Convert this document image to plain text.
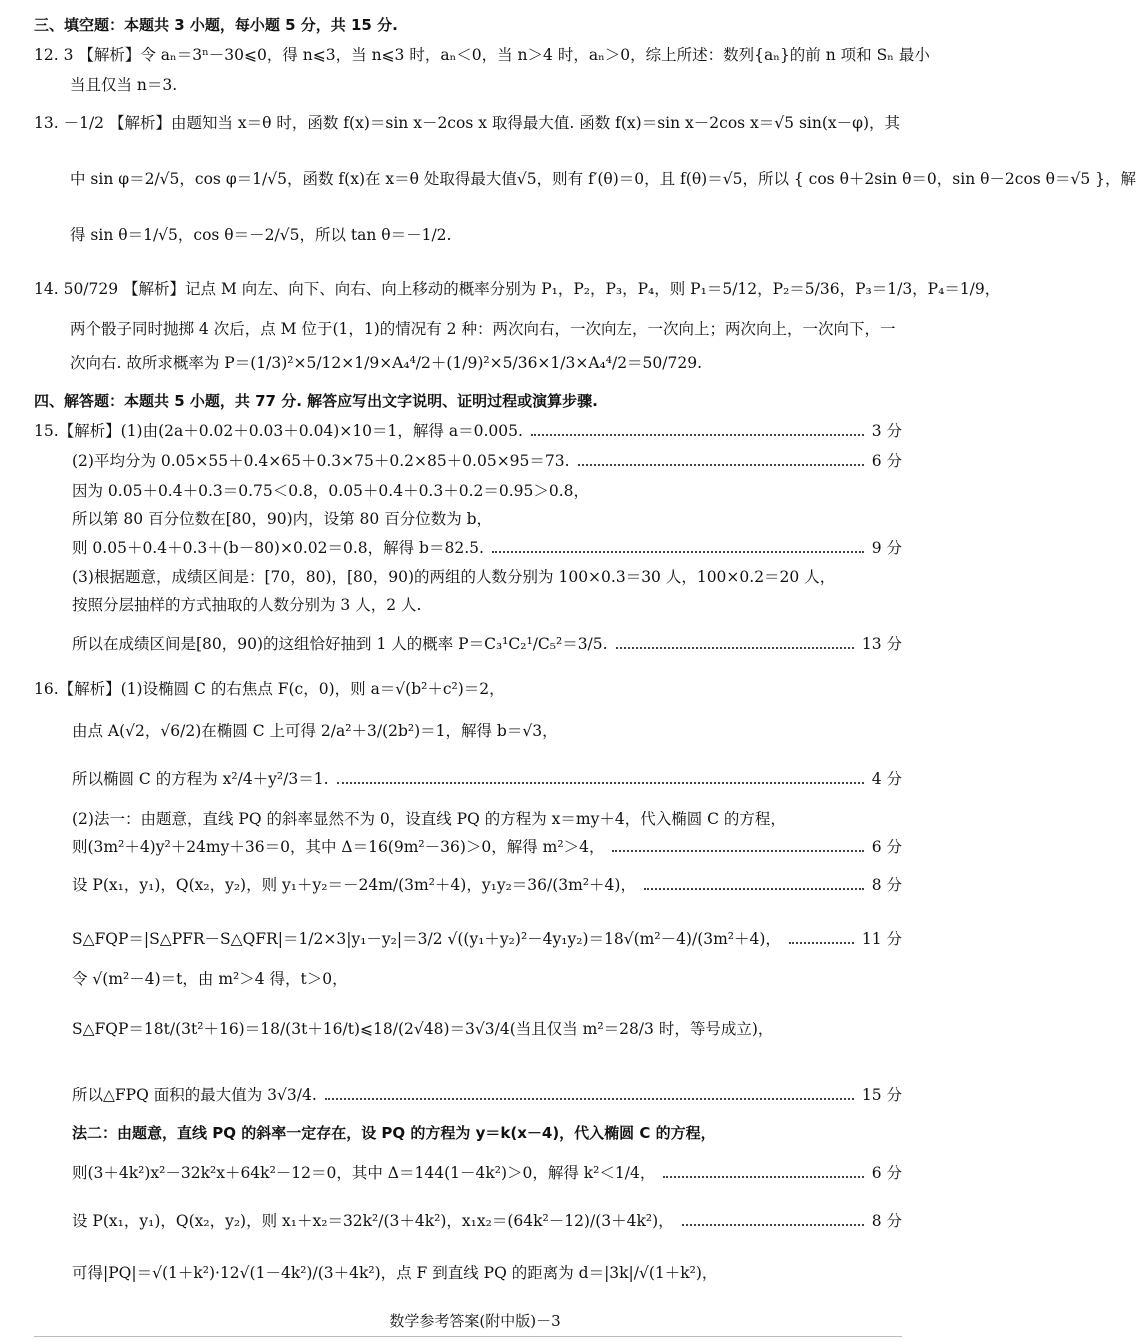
三、填空题：本题共 3 小题，每小题 5 分，共 15 分.
12. 3 【解析】令 aₙ＝3ⁿ－30⩽0，得 n⩽3，当 n⩽3 时，aₙ＜0，当 n＞4 时，aₙ＞0，综上所述：数列{aₙ}的前 n 项和 Sₙ 最小
当且仅当 n＝3.
13. －1/2 【解析】由题知当 x＝θ 时，函数 f(x)＝sin x－2cos x 取得最大值. 函数 f(x)＝sin x－2cos x＝√5 sin(x－φ)，其
中 sin φ＝2/√5，cos φ＝1/√5，函数 f(x)在 x＝θ 处取得最大值√5，则有 f′(θ)＝0，且 f(θ)＝√5，所以 { cos θ＋2sin θ＝0，sin θ－2cos θ＝√5 }，解
得 sin θ＝1/√5，cos θ＝－2/√5，所以 tan θ＝－1/2.
14. 50/729 【解析】记点 M 向左、向下、向右、向上移动的概率分别为 P₁，P₂，P₃，P₄，则 P₁＝5/12，P₂＝5/36，P₃＝1/3，P₄＝1/9，
两个骰子同时抛掷 4 次后，点 M 位于(1，1)的情况有 2 种：两次向右，一次向左，一次向上；两次向上，一次向下，一
次向右. 故所求概率为 P＝(1/3)²×5/12×1/9×A₄⁴/2＋(1/9)²×5/36×1/3×A₄⁴/2＝50/729.
四、解答题：本题共 5 小题，共 77 分. 解答应写出文字说明、证明过程或演算步骤.
15.【解析】(1)由(2a＋0.02＋0.03＋0.04)×10＝1，解得 a＝0.005.	3 分
(2)平均分为 0.05×55＋0.4×65＋0.3×75＋0.2×85＋0.05×95＝73.	6 分
因为 0.05＋0.4＋0.3＝0.75＜0.8，0.05＋0.4＋0.3＋0.2＝0.95＞0.8，
所以第 80 百分位数在[80，90)内，设第 80 百分位数为 b，
则 0.05＋0.4＋0.3＋(b－80)×0.02＝0.8，解得 b＝82.5.	9 分
(3)根据题意，成绩区间是：[70，80)，[80，90)的两组的人数分别为 100×0.3＝30 人，100×0.2＝20 人，
按照分层抽样的方式抽取的人数分别为 3 人，2 人.
所以在成绩区间是[80，90)的这组恰好抽到 1 人的概率 P＝C₃¹C₂¹/C₅²＝3/5.	13 分
16.【解析】(1)设椭圆 C 的右焦点 F(c，0)，则 a＝√(b²＋c²)＝2，
由点 A(√2，√6/2)在椭圆 C 上可得 2/a²＋3/(2b²)＝1，解得 b＝√3，
所以椭圆 C 的方程为 x²/4＋y²/3＝1.	4 分
(2)法一：由题意，直线 PQ 的斜率显然不为 0，设直线 PQ 的方程为 x＝my＋4，代入椭圆 C 的方程，
则(3m²＋4)y²＋24my＋36＝0，其中 Δ＝16(9m²－36)＞0，解得 m²＞4，	6 分
设 P(x₁，y₁)，Q(x₂，y₂)，则 y₁＋y₂＝－24m/(3m²＋4)，y₁y₂＝36/(3m²＋4)，	8 分
S△FQP＝|S△PFR－S△QFR|＝1/2×3|y₁－y₂|＝3/2 √((y₁＋y₂)²－4y₁y₂)＝18√(m²－4)/(3m²＋4)，	11 分
令 √(m²－4)＝t，由 m²＞4 得，t＞0，
S△FQP＝18t/(3t²＋16)＝18/(3t＋16/t)⩽18/(2√48)＝3√3/4(当且仅当 m²＝28/3 时，等号成立)，
所以△FPQ 面积的最大值为 3√3/4.	15 分
法二：由题意，直线 PQ 的斜率一定存在，设 PQ 的方程为 y＝k(x－4)，代入椭圆 C 的方程，
则(3＋4k²)x²－32k²x＋64k²－12＝0，其中 Δ＝144(1－4k²)＞0，解得 k²＜1/4，	6 分
设 P(x₁，y₁)，Q(x₂，y₂)，则 x₁＋x₂＝32k²/(3＋4k²)，x₁x₂＝(64k²－12)/(3＋4k²)，	8 分
可得|PQ|＝√(1＋k²)·12√(1－4k²)/(3＋4k²)，点 F 到直线 PQ 的距离为 d＝|3k|/√(1＋k²)，
数学参考答案(附中版)－3
